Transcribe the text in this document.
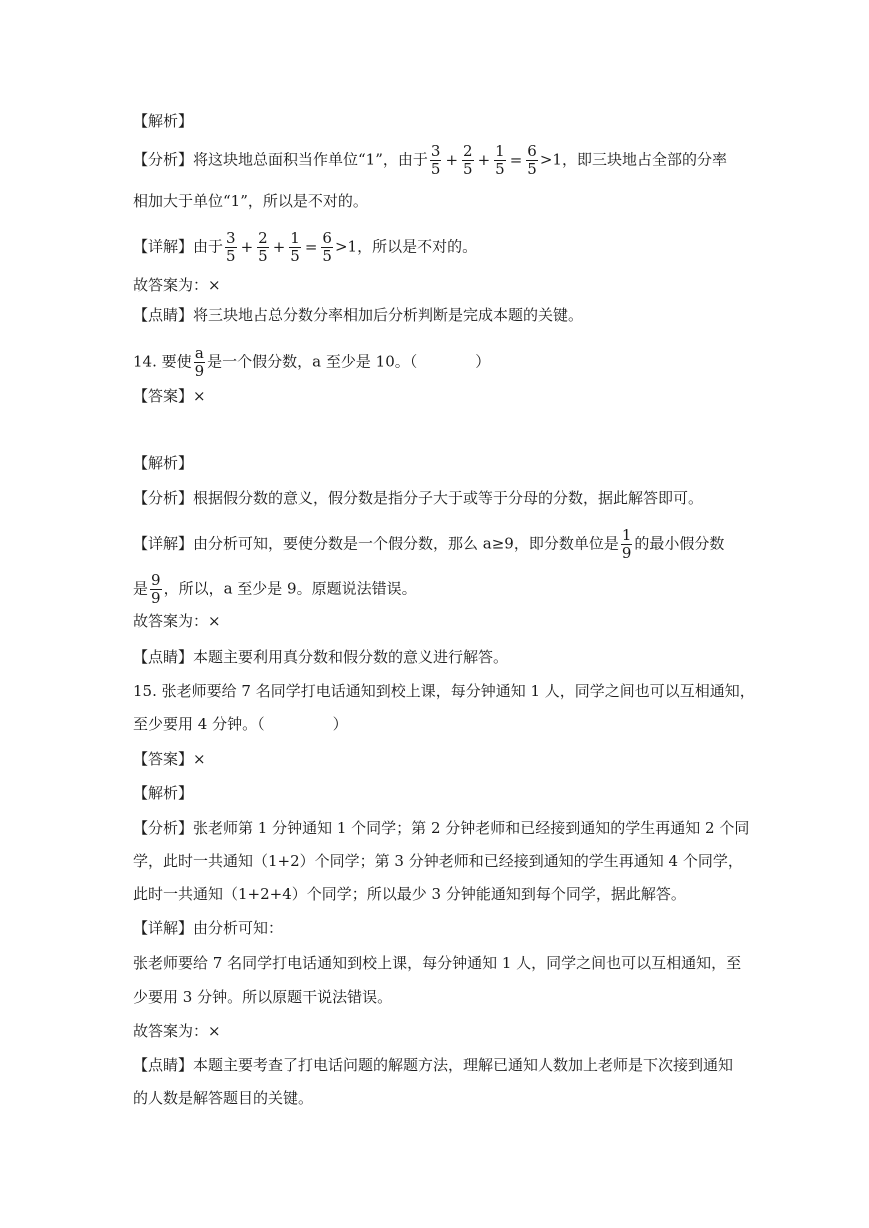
【解析】
【分析】将这块地总面积当作单位“1”，由于 $\frac{3}{5} + \frac{2}{5} + \frac{1}{5} = \frac{6}{5} >1$，即三块地占全部的分率
相加大于单位“1”，所以是不对的。
【详解】由于 $\frac{3}{5} + \frac{2}{5} + \frac{1}{5} = \frac{6}{5} >1$，所以是不对的。
故答案为：×
【点睛】将三块地占总分数分率相加后分析判断是完成本题的关键。
14. 要使 $\frac{a}{9}$ 是一个假分数，a 至少是 10。（	）
【答案】×
【解析】
【分析】根据假分数的意义，假分数是指分子大于或等于分母的分数，据此解答即可。
【详解】由分析可知，要使分数是一个假分数，那么 a≥9，即分数单位是 $\frac{1}{9}$ 的最小假分数
是 $\frac{9}{9}$ ，所以，a 至少是 9。原题说法错误。
故答案为：×
【点睛】本题主要利用真分数和假分数的意义进行解答。
15. 张老师要给 7 名同学打电话通知到校上课，每分钟通知 1 人，同学之间也可以互相通知，
至少要用 4 分钟。（	）
【答案】×
【解析】
【分析】张老师第 1 分钟通知 1 个同学；第 2 分钟老师和已经接到通知的学生再通知 2 个同
学，此时一共通知（1+2）个同学；第 3 分钟老师和已经接到通知的学生再通知 4 个同学，
此时一共通知（1+2+4）个同学；所以最少 3 分钟能通知到每个同学，据此解答。
【详解】由分析可知：
张老师要给 7 名同学打电话通知到校上课，每分钟通知 1 人，同学之间也可以互相通知，至
少要用 3 分钟。所以原题干说法错误。
故答案为：×
【点睛】本题主要考查了打电话问题的解题方法，理解已通知人数加上老师是下次接到通知
的人数是解答题目的关键。
